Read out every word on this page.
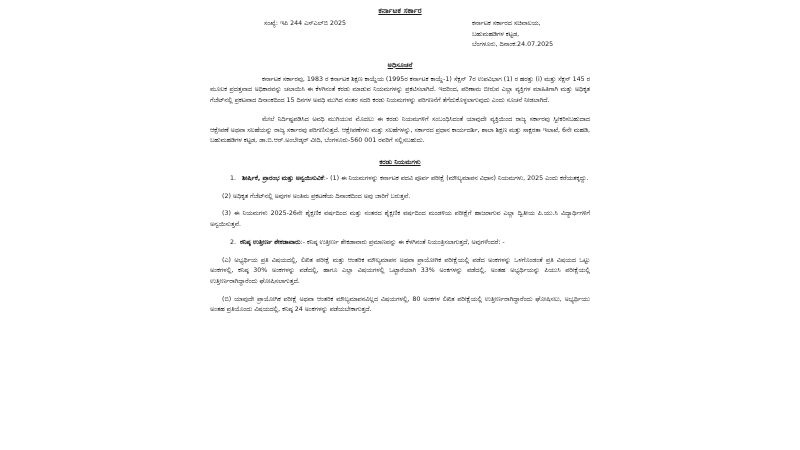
ಕರ್ನಾಟಕ ಸರ್ಕಾರ
ಸಂಖ್ಯೆ: ಇಪಿ 244 ಎಸ್‌ಎಲ್‌ಬಿ 2025	ಕರ್ನಾಟಕ ಸರ್ಕಾರದ ಸಚಿವಾಲಯ,
ಬಹುಮಹಡಿಗಳ ಕಟ್ಟಡ,
ಬೆಂಗಳೂರು, ದಿನಾಂಕ:24.07.2025
ಅಧಿಸೂಚನೆ

ಕರ್ನಾಟಕ ಸರ್ಕಾರವು, 1983 ರ ಕರ್ನಾಟಕ ಶಿಕ್ಷಣ ಕಾಯ್ದೆಯ (1995ರ ಕರ್ನಾಟಕ ಕಾಯ್ದೆ-1) ಸೆಕ್ಷನ್ 7ರ ಉಪವಿಭಾಗ (1) ರ ಹರತ್ತು (i) ಮತ್ತು ಸೆಕ್ಷನ್ 145 ರ ಮೂಲಕ ಪ್ರದತ್ತವಾದ ಅಧಿಕಾರವನ್ನು ಚಲಾಯಿಸಿ ಈ ಕೆಳಗಿನಂತೆ ಕರಡು ಮಾಡುವ ನಿಯಮಗಳನ್ನು ಪ್ರಕಟಿಸಲಾಗಿದೆ. ಇದರಿಂದ, ಪರಿಣಾಮ ಬೀರುವ ಎಲ್ಲಾ ವ್ಯಕ್ತಿಗಳ ಮಾಹಿತಿಗಾಗಿ ಮತ್ತು ಅಧಿಕೃತ ಗೆಜೆಟ್‌ನಲ್ಲಿ ಪ್ರಕಟವಾದ ದಿನಾಂಕದಿಂದ 15 ದಿನಗಳ ಅವಧಿ ಮುಗಿದ ನಂತರ ಸದರಿ ಕರಡು ನಿಯಮಗಳನ್ನು ಪರಿಗಣನೆಗೆ ತೆಗೆದುಕೊಳ್ಳಲಾಗುವುದು ಎಂದು ಸೂಚನೆ ನೀಡಲಾಗಿದೆ.

ಮೇಲೆ ನಿರ್ದಿಷ್ಟಪಡಿಸಿದ ಅವಧಿ ಮುಗಿಯುವ ಮೊದಲು ಈ ಕರಡು ನಿಯಮಗಳಿಗೆ ಸಂಬಂಧಿಸಿದಂತೆ ಯಾವುದೇ ವ್ಯಕ್ತಿಯಿಂದ ರಾಜ್ಯ ಸರ್ಕಾರವು ಸ್ವೀಕರಿಸಬಹುದಾದ ಆಕ್ಷೇಪಣೆ ಅಥವಾ ಸಲಹೆಯನ್ನು ರಾಜ್ಯ ಸರ್ಕಾರವು ಪರಿಗಣಿಸುತ್ತದೆ. ಆಕ್ಷೇಪಣೆಗಳು ಮತ್ತು ಸಲಹೆಗಳನ್ನು, ಸರ್ಕಾರದ ಪ್ರಧಾನ ಕಾರ್ಯದರ್ಶಿ, ಶಾಲಾ ಶಿಕ್ಷಣ ಮತ್ತು ಸಾಕ್ಷರತಾ ಇಲಾಖೆ, 6ನೇ ಮಹಡಿ, ಬಹುಮಹಡಿಗಳ ಕಟ್ಟಡ, ಡಾ.ಬಿ.ಆರ್.ಅಂಬೇಡ್ಕರ್ ವೀದಿ, ಬೆಂಗಳೂರು-560 001 ರವರಿಗೆ ಸಲ್ಲಿಸಬಹುದು.

ಕರಡು ನಿಯಮಗಳು

1. ಶೀರ್ಷಿಕೆ, ಪ್ರಾರಂಭ ಮತ್ತು ಅನ್ವಯಿಸುವಿಕೆ:- (1) ಈ ನಿಯಮಗಳನ್ನು ಕರ್ನಾಟಕ ಪದವಿ ಪೂರ್ವ ಪರೀಕ್ಷೆ (ಮೌಲ್ಯಮಾಪನ ವಿಧಾನ) ನಿಯಮಗಳು, 2025 ಎಂದು ಕರೆಯತಕ್ಕದ್ದು.

(2) ಅಧಿಕೃತ ಗೆಜೆಟ್‌ನಲ್ಲಿ ಅವುಗಳ ಅಂತಿಮ ಪ್ರಕಟಣೆಯ ದಿನಾಂಕದಿಂದ ಅವು ಜಾರಿಗೆ ಬರುತ್ತವೆ.

(3) ಈ ನಿಯಮಗಳು 2025-26ನೇ ಶೈಕ್ಷಣಿಕ ವರ್ಷದಿಂದ ಮತ್ತು ನಂತರದ ಶೈಕ್ಷಣಿಕ ವರ್ಷದಿಂದ ಮಂಡಳಿಯ ಪರೀಕ್ಷೆಗೆ ಹಾಜರಾಗುವ ಎಲ್ಲಾ ದ್ವಿತೀಯ ಪಿ.ಯು.ಸಿ ವಿದ್ಯಾರ್ಥಿಗಳಿಗೆ ಅನ್ವಯಿಸುತ್ತವೆ.

2. ಕನಿಷ್ಠ ಉತ್ತೀರ್ಣ ಶೇಕಡಾವಾರು:- ಕನಿಷ್ಠ ಉತ್ತೀರ್ಣ ಶೇಕಡಾವಾರು ಪ್ರಮಾಣವನ್ನು ಈ ಕೆಳಗಿನಂತೆ ನಿಯಂತ್ರಿಸಲಾಗುತ್ತದೆ, ಅವುಗಳೆಂದರೆ: -

(ಎ) ಅಭ್ಯರ್ಥಿಯ ಪ್ರತಿ ವಿಷಯದಲ್ಲಿ, ಲಿಖಿತ ಪರೀಕ್ಷೆ ಮತ್ತು ಆಂತರಿಕ ಮೌಲ್ಯಮಾಪನ ಅಥವಾ ಪ್ರಾಯೋಗಿಕ ಪರೀಕ್ಷೆಯಲ್ಲಿ ಪಡೆದ ಅಂಕಗಳನ್ನು ಒಳಗೊಂಡಂತೆ ಪ್ರತಿ ವಿಷಯದ ಒಟ್ಟು ಅಂಕಗಳಲ್ಲಿ, ಕನಿಷ್ಠ 30% ಅಂಕಗಳನ್ನು ಪಡೆದಲ್ಲಿ, ಹಾಗೂ ಎಲ್ಲಾ ವಿಷಯಗಳಲ್ಲಿ ಒಟ್ಟಾರೆಯಾಗಿ 33% ಅಂಕಗಳನ್ನು ಪಡೆದಲ್ಲಿ, ಅಂತಹ ಅಭ್ಯರ್ಥಿಯನ್ನು ಪಿಯುಸಿ ಪರೀಕ್ಷೆಯಲ್ಲಿ ಉತ್ತೀರ್ಣರಾಗಿದ್ದಾರೆಂದು ಘೋಷಿಸಲಾಗುತ್ತದೆ.

(ಬಿ) ಯಾವುದೇ ಪ್ರಾಯೋಗಿಕ ಪರೀಕ್ಷೆ ಅಥವಾ ಆಂತರಿಕ ಮೌಲ್ಯಮಾಪನವಿಲ್ಲದ ವಿಷಯಗಳಲ್ಲಿ, 80 ಅಂಕಗಳ ಲಿಖಿತ ಪರೀಕ್ಷೆಯಲ್ಲಿ ಉತ್ತೀರ್ಣರಾಗಿದ್ದಾರೆಂದು ಘೋಷಿಸಲು, ಅಭ್ಯರ್ಥಿಯು ಅಂತಹ ಪ್ರತಿಯೊಂದು ವಿಷಯದಲ್ಲಿ, ಕನಿಷ್ಠ 24 ಅಂಕಗಳನ್ನು ಪಡೆಯಬೇಕಾಗುತ್ತದೆ.
